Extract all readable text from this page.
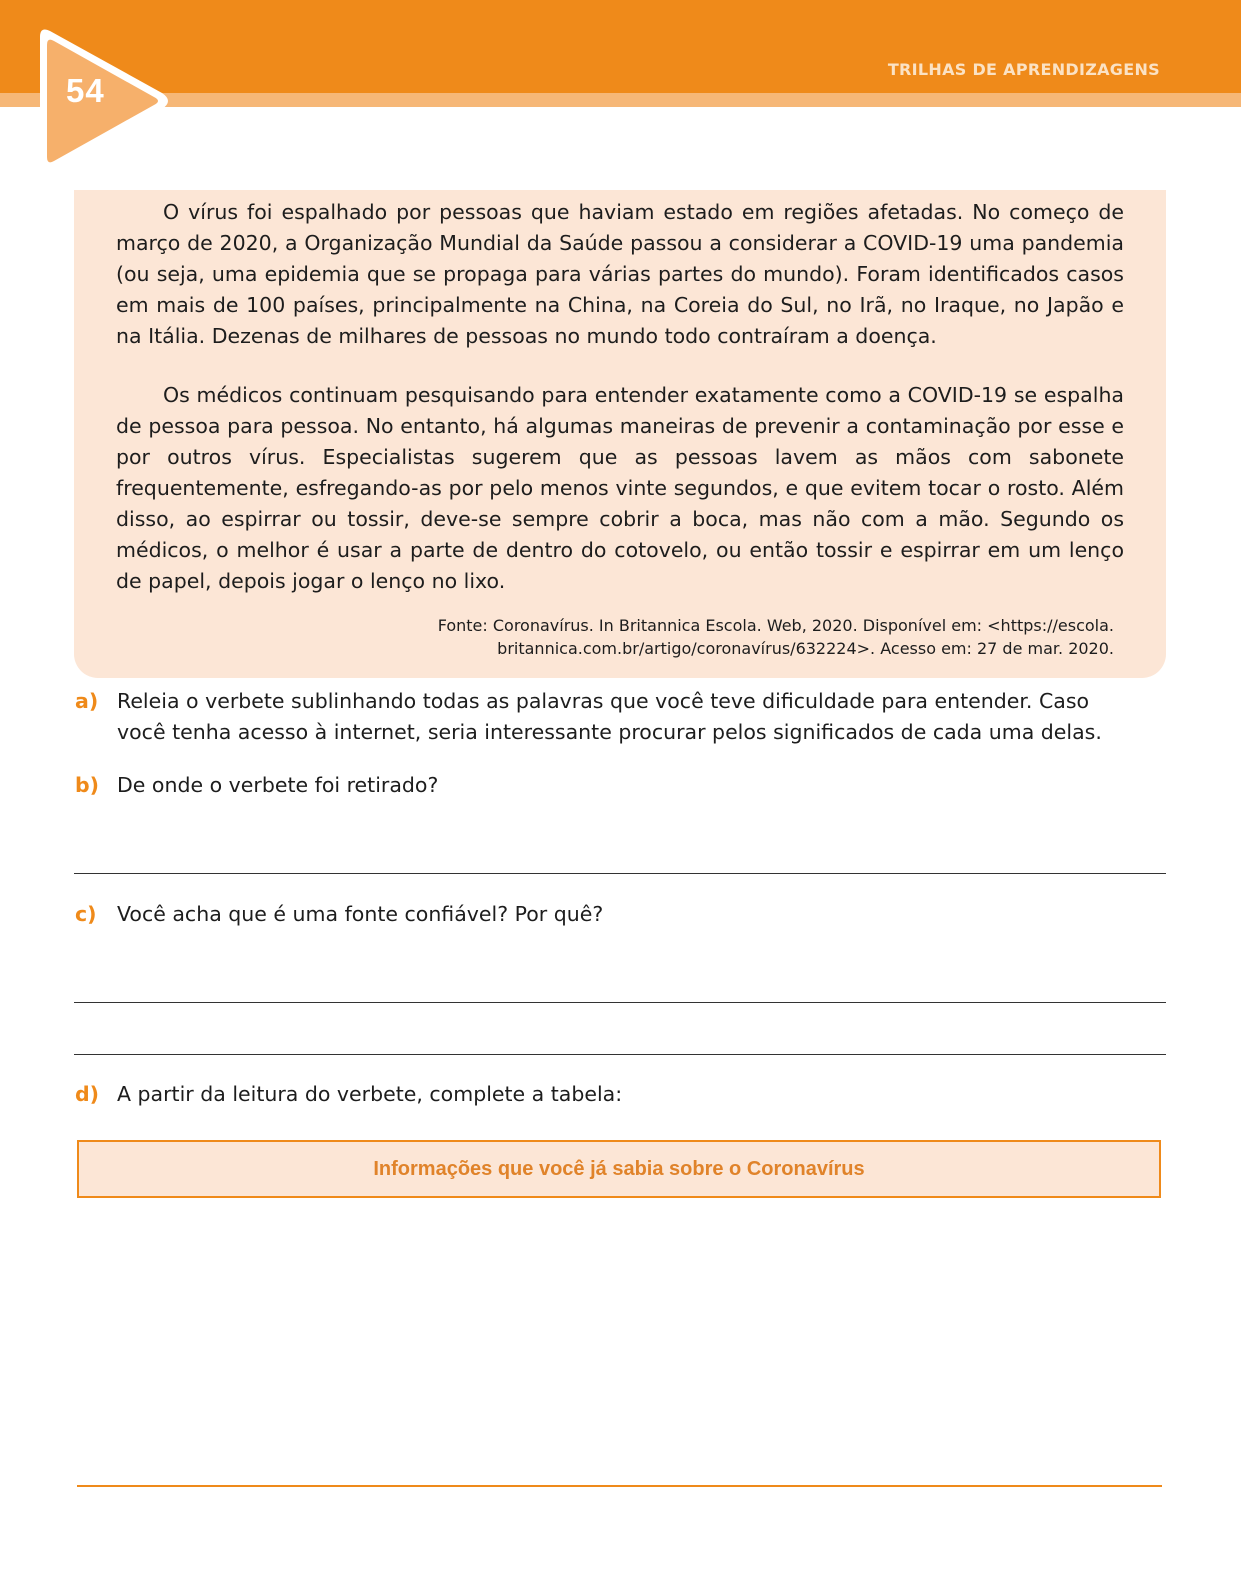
54
TRILHAS DE APRENDIZAGENS

O vírus foi espalhado por pessoas que haviam estado em regiões afetadas. No começo de março de 2020, a Organização Mundial da Saúde passou a considerar a COVID-19 uma pandemia (ou seja, uma epidemia que se propaga para várias partes do mundo). Foram identificados casos em mais de 100 países, principalmente na China, na Coreia do Sul, no Irã, no Iraque, no Japão e na Itália. Dezenas de milhares de pessoas no mundo todo contraíram a doença.

Os médicos continuam pesquisando para entender exatamente como a COVID-19 se espalha de pessoa para pessoa. No entanto, há algumas maneiras de prevenir a contaminação por esse e por outros vírus. Especialistas sugerem que as pessoas lavem as mãos com sabonete frequentemente, esfregando-as por pelo menos vinte segundos, e que evitem tocar o rosto. Além disso, ao espirrar ou tossir, deve-se sempre cobrir a boca, mas não com a mão. Segundo os médicos, o melhor é usar a parte de dentro do cotovelo, ou então tossir e espirrar em um lenço de papel, depois jogar o lenço no lixo.

Fonte: Coronavírus. In Britannica Escola. Web, 2020. Disponível em: <https://escola.
britannica.com.br/artigo/coronavírus/632224>. Acesso em: 27 de mar. 2020.
a) Releia o verbete sublinhando todas as palavras que você teve dificuldade para entender. Caso você tenha acesso à internet, seria interessante procurar pelos significados de cada uma delas.
b) De onde o verbete foi retirado?
c) Você acha que é uma fonte confiável? Por quê?
d) A partir da leitura do verbete, complete a tabela:
Informações que você já sabia sobre o Coronavírus
